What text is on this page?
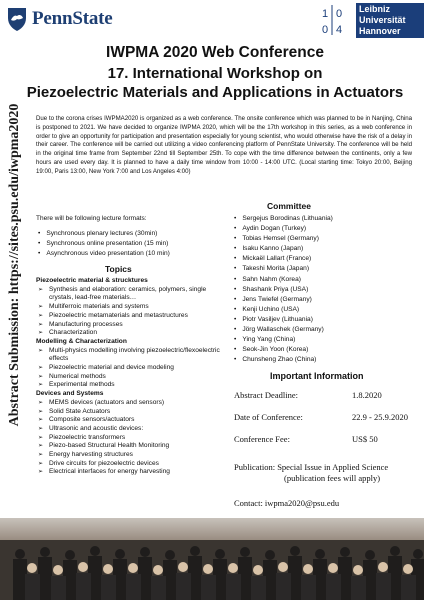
PennState	1 0
0 4
Leibniz
Universität
Hannover
IWPMA 2020 Web Conference
17. International Workshop on
Piezoelectric Materials and Applications in Actuators
Abstract Submission: https://sites.psu.edu/iwpma2020 Due to the corona crises IWPMA2020 is organized as a web conference. The onsite conference which was planned to be in Nanjing, China is postponed to 2021. We have decided to organize IWPMA 2020, which will be the 17th workshop in this series, as a web conference in order to give an opportunity for participation and presentation especially for young scientist, who would otherwise have the risk of a delay in their career. The conference will be carried out utilizing a video conferencing platform of PennState University. The conference will be held in the original time frame from September 22nd till September 25th. To cope with the time difference between the continents, only a few hours are used every day. It is planned to have a daily time window from 10:00 - 14:00 UTC. (Local starting time: Tokyo 20:00, Beijing 19:00, Paris 13:00, New York 7:00 and Los Angeles 4:00)
There will be following lecture formats:
• Synchronous plenary lectures (30min)
• Synchronous online presentation (15 min)
• Asynchronous video presentation (10 min)
Topics
Piezoelectric material & strucktures
➢ Synthesis and elaboration: ceramics, polymers, single crystals, lead-free materials…
➢ Multiferroic materials and systems
➢ Piezoelectric metamaterials and metastructures
➢ Manufacturing processes
➢ Characterization
Modelling & Characterization
➢ Multi-physics modelling involving piezoelectric/flexoelectric effects
➢ Piezoelectric material and device modeling
➢ Numerical methods
➢ Experimental methods
Devices and Systems
➢ MEMS devices (actuators and sensors)
➢ Solid State Actuators
➢ Composite sensors/actuators
➢ Ultrasonic and acoustic devices:
➢ Piezoelectric transformers
➢ Piezo-based Structural Health Monitoring
➢ Energy harvesting structures
➢ Drive circuits for piezoelectric devices
➢ Electrical interfaces for energy harvesting
Committee
• Sergejus Borodinas (Lithuania)
• Aydin Dogan (Turkey)
• Tobias Hemsel (Germany)
• Isaku Kanno (Japan)
• Mickaël Lallart (France)
• Takeshi Morita (Japan)
• Sahn Nahm (Korea)
• Shashank Priya (USA)
• Jens Twiefel (Germany)
• Kenji Uchino (USA)
• Piotr Vasiljev (Lithuania)
• Jörg Wallaschek (Germany)
• Ying Yang (China)
• Seok-Jin Yoon (Korea)
• Chunsheng Zhao (China)
Important Information
Abstract Deadline:	1.8.2020
Date of Conference:	22.9 - 25.9.2020
Conference Fee:	US$ 50
Publication: Special Issue in Applied Science
(publication fees will apply)
Contact: iwpma2020@psu.edu
